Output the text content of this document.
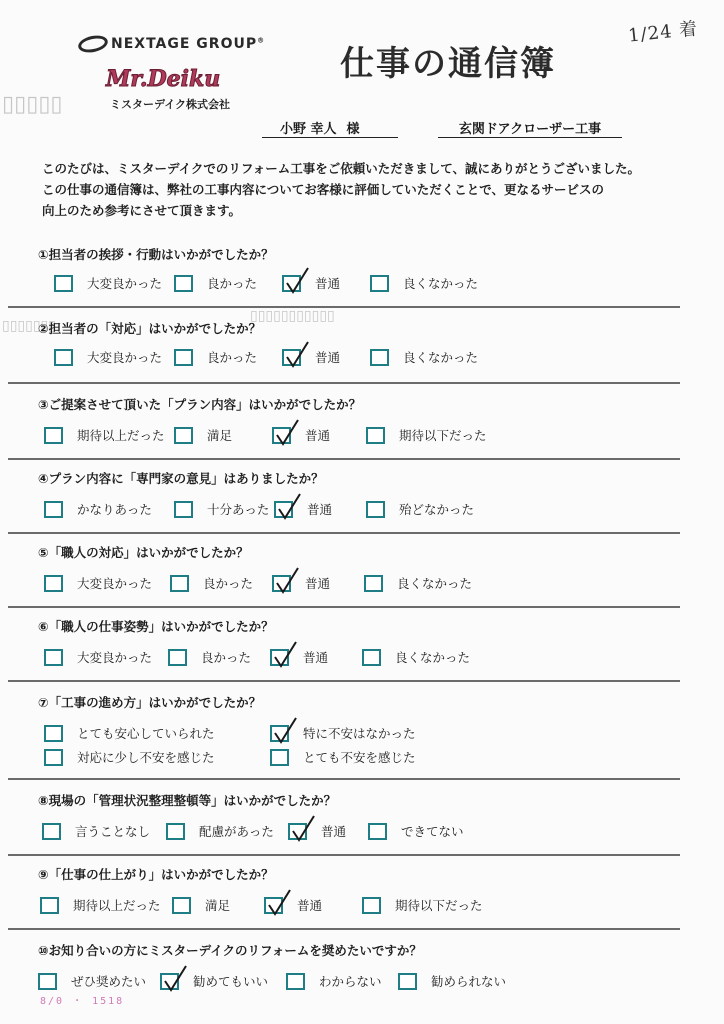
1/24 着
NEXTAGE GROUP®
仕事の通信簿
Mr.Deiku
ミスターデイク株式会社
小野 幸人 様	玄関ドアクローザー工事
▯▯▯▯▯
▯▯▯▯▯▯▯
▯▯▯▯▯▯▯▯▯▯▯

このたびは、ミスターデイクでのリフォーム工事をご依頼いただきまして、誠にありがとうございました。

この仕事の通信簿は、弊社の工事内容についてお客様に評価していただくことで、更なるサービスの

向上のため参考にさせて頂きます。

①担当者の挨拶・行動はいかがでしたか？
大変良かった	良かった	普通	良くなかった
②担当者の「対応」はいかがでしたか？
大変良かった	良かった	普通	良くなかった
③ご提案させて頂いた「プラン内容」はいかがでしたか？
期待以上だった	満足	普通	期待以下だった
④プラン内容に「専門家の意見」はありましたか？
かなりあった	十分あった	普通	殆どなかった
⑤「職人の対応」はいかがでしたか？
大変良かった	良かった	普通	良くなかった
⑥「職人の仕事姿勢」はいかがでしたか？
大変良かった	良かった	普通	良くなかった
⑦「工事の進め方」はいかがでしたか？
とても安心していられた	特に不安はなかった
対応に少し不安を感じた	とても不安を感じた
⑧現場の「管理状況整理整頓等」はいかがでしたか？
言うことなし	配慮があった	普通	できてない
⑨「仕事の仕上がり」はいかがでしたか？
期待以上だった	満足	普通	期待以下だった
⑩お知り合いの方にミスターデイクのリフォームを奨めたいですか？
ぜひ奨めたい	勧めてもいい	わからない	勧められない
8/0 ・ 1518
